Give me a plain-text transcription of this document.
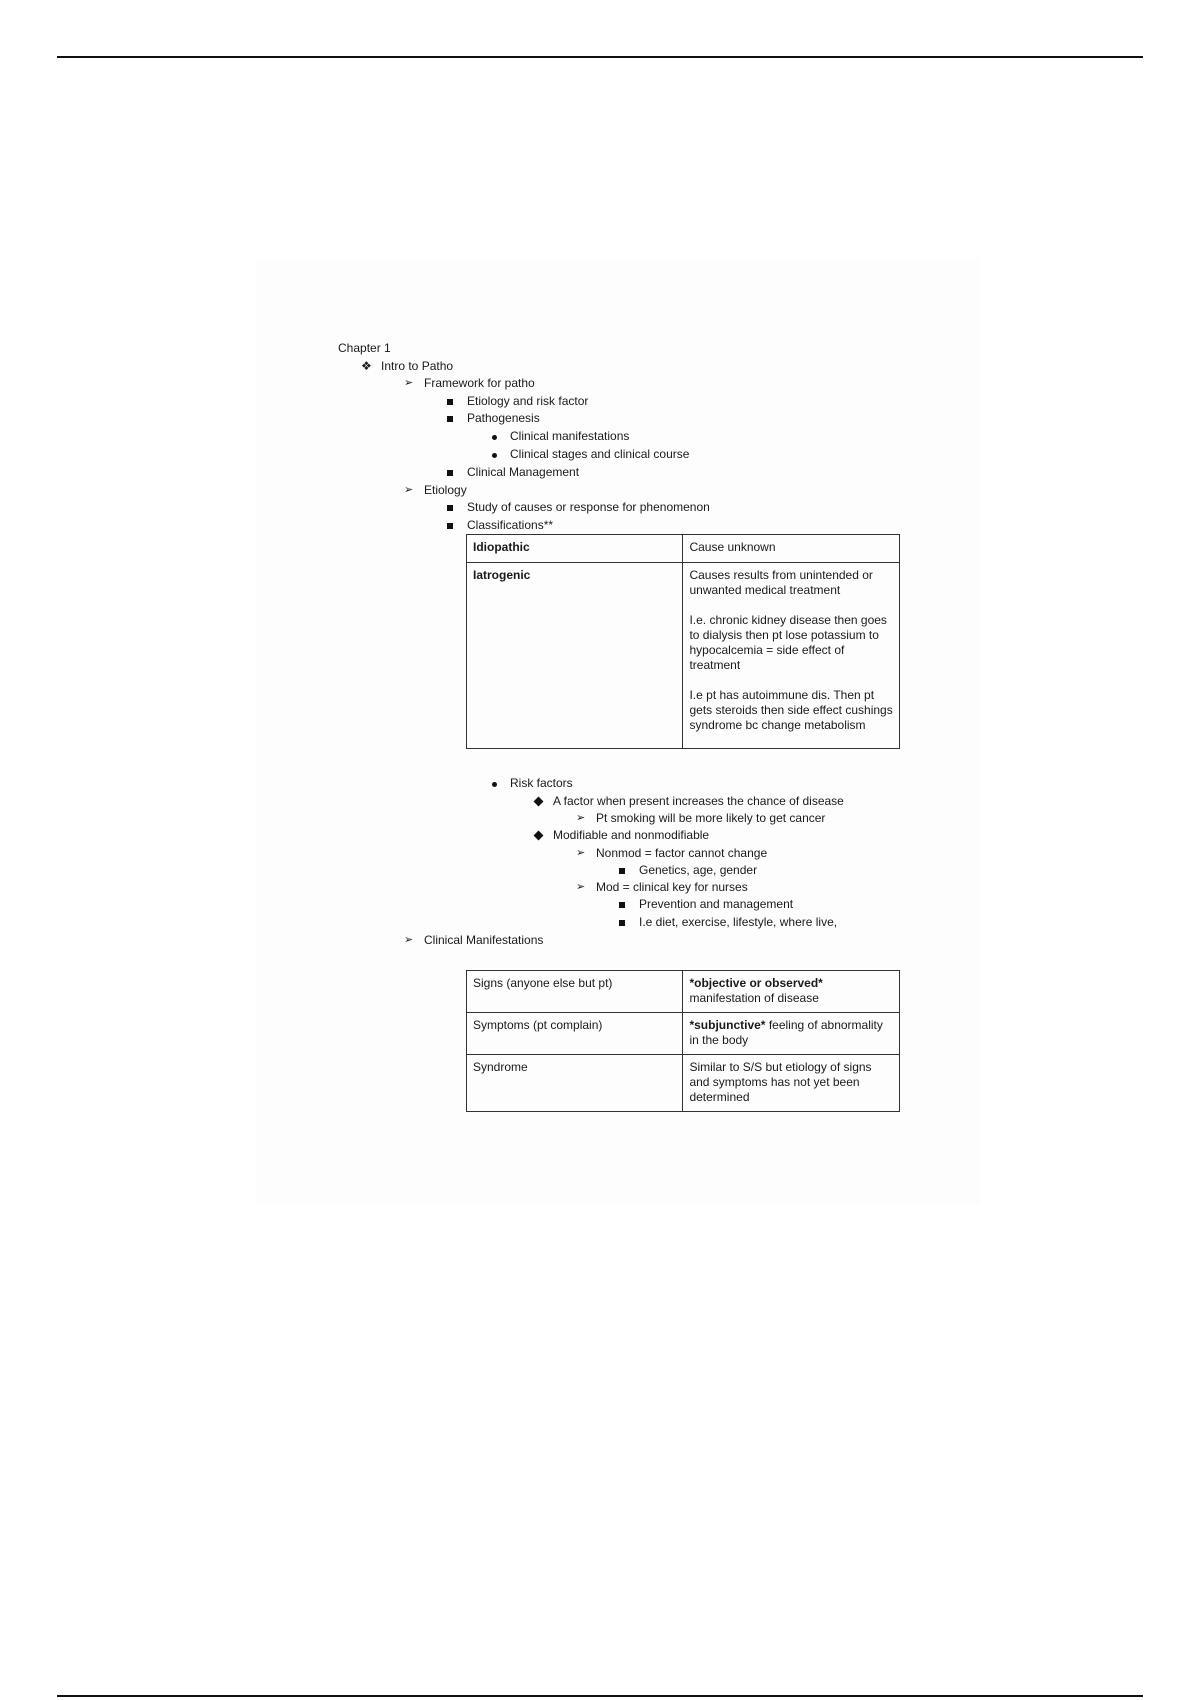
Chapter 1
❖ Intro to Patho
➢ Framework for patho
Etiology and risk factor
Pathogenesis
Clinical manifestations
Clinical stages and clinical course
Clinical Management
➢ Etiology
Study of causes or response for phenomenon
Classifications**
Idiopathic	Cause unknown

Iatrogenic	Causes results from unintended or unwanted medical treatment

I.e. chronic kidney disease then goes to dialysis then pt lose potassium to hypocalcemia = side effect of treatment

I.e pt has autoimmune dis. Then pt gets steroids then side effect cushings syndrome bc change metabolism

Risk factors
A factor when present increases the chance of disease
➢ Pt smoking will be more likely to get cancer
Modifiable and nonmodifiable
➢ Nonmod = factor cannot change
Genetics, age, gender
➢ Mod = clinical key for nurses
Prevention and management
I.e diet, exercise, lifestyle, where live,
➢ Clinical Manifestations
Signs (anyone else but pt)	*objective or observed* manifestation of disease
Symptoms (pt complain)	*subjunctive* feeling of abnormality in the body
Syndrome	Similar to S/S but etiology of signs and symptoms has not yet been determined
